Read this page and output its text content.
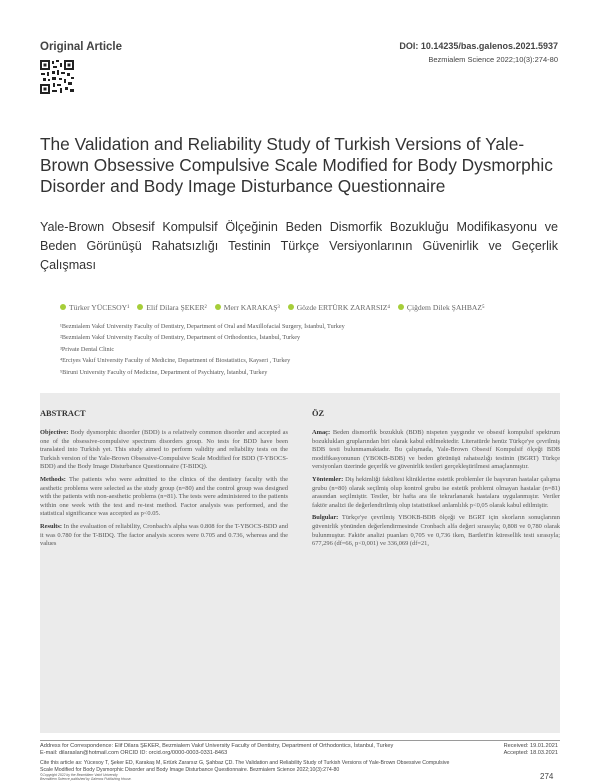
Original Article	DOI: 10.14235/bas.galenos.2021.5937
Bezmialem Science 2022;10(3):274-80
The Validation and Reliability Study of Turkish Versions of Yale-Brown Obsessive Compulsive Scale Modified for Body Dysmorphic Disorder and Body Image Disturbance Questionnaire
Yale-Brown Obsesif Kompulsif Ölçeğinin Beden Dismorfik Bozukluğu Modifikasyonu ve Beden Görünüşü Rahatsızlığı Testinin Türkçe Versiyonlarının Güvenirlik ve Geçerlik Çalışması
Türker YÜCESOY¹ Elif Dilara ŞEKER² Merr KARAKAŞ³ Gözde ERTÜRK ZARARSIZ⁴ Çiğdem Dilek ŞAHBAZ⁵
¹Bezmialem Vakıf University Faculty of Dentistry, Department of Oral and Maxillofacial Surgery, İstanbul, Turkey
²Bezmialem Vakıf University Faculty of Dentistry, Department of Orthodontics, İstanbul, Turkey
³Private Dental Clinic
⁴Erciyes Vakıf University Faculty of Medicine, Department of Biostatistics, Kayseri , Turkey
⁵Biruni University Faculty of Medicine, Department of Psychiatry, İstanbul, Turkey
ABSTRACT

Objective: Body dysmorphic disorder (BDD) is a relatively common disorder and accepted as one of the obsessive-compulsive spectrum disorders group. No tests for BDD have been translated into Turkish yet. This study aimed to perform validity and reliability tests on the Turkish version of the Yale-Brown Obsessive-Compulsive Scale Modified for BDD (T-YBOCS-BDD) and the Body Image Disturbance Questionnaire (T-BIDQ).

Methods: The patients who were admitted to the clinics of the dentistry faculty with the aesthetic problems were selected as the study group (n=80) and the control group was designed with the patients with non-aesthetic problems (n=81). The tests were administered to the patients within one week with the test and re-test method. Factor analysis was performed, and the statistical significance was accepted as p<0.05.

Results: In the evaluation of reliability, Cronbach's alpha was 0.808 for the T-YBOCS-BDD and it was 0.780 for the T-BIDQ. The factor analysis scores were 0.705 and 0.736, whereas and the values

ÖZ

Amaç: Beden dismorfik bozukluk (BDB) nispeten yaygındır ve obsesif kompulsif spektrum bozuklukları gruplarından biri olarak kabul edilmektedir. Literatürde henüz Türkçe'ye çevrilmiş BDB testi bulunmamaktadır. Bu çalışmada, Yale-Brown Obsesif Kompulsif ölçeği BDB modifikasyonunun (YBOKB-BDB) ve beden görünüşü rahatsızlığı testinin (BGRT) Türkçe versiyonları üzerinde geçerlik ve güvenirlik testleri gerçekleştirilmesi amaçlanmıştır.

Yöntemler: Diş hekimliği fakültesi kliniklerine estetik problemler ile başvuran hastalar çalışma grubu (n=80) olarak seçilmiş olup kontrol grubu ise estetik problemi olmayan hastalar (n=81) arasından seçilmiştir. Testler, bir hafta ara ile tekrarlanarak hastalara uygulanmıştır. Veriler faktör analizi ile değerlendirilmiş olup istatistiksel anlamlılık p<0,05 olarak kabul edilmiştir.

Bulgular: Türkçe'ye çevrilmiş YBOKB-BDB ölçeği ve BGRT için skorların sonuçlarının güvenirlik yönünden değerlendirmesinde Cronbach alfa değeri sırasıyla; 0,808 ve 0,780 olarak bulunmuştur. Faktör analizi puanları 0,705 ve 0,736 iken, Bartlett'in küresellik testi sırasıyla; 677,296 (df=66, p<0,001) ve 336,069 (df=21,

Address for Correspondence: Elif Dilara ŞEKER, Bezmialem Vakıf University Faculty of Dentistry, Department of Orthodontics, İstanbul, Turkey
E-mail: dilaraslan@hotmail.com ORCID ID: orcid.org/0000-0003-0331-8463
Received: 19.01.2021
Accepted: 18.03.2021
Cite this article as: Yücesoy T, Şeker ED, Karakaş M, Ertürk Zararsız G, Şahbaz ÇD. The Validation and Reliability Study of Turkish Versions of Yale-Brown Obsessive Compulsive Scale Modified for Body Dysmorphic Disorder and Body Image Disturbance Questionnaire. Bezmialem Science 2022;10(3):274-80
©Copyright 2022 by the Bezmiâlem Vakıf University
Bezmiâlem Science published by Galenos Publishing House.	274
